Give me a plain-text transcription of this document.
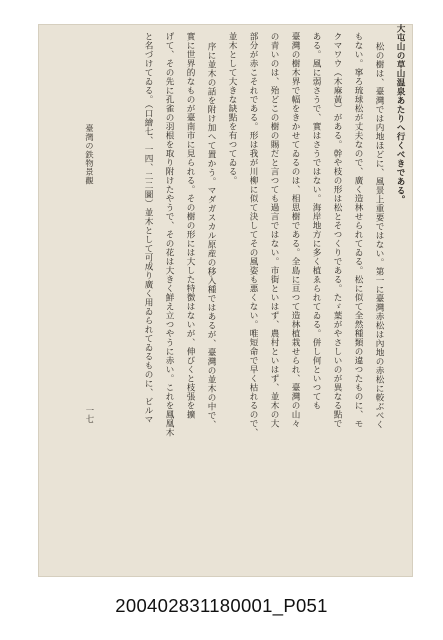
大屯山の草山温泉あたりへ行くべきである。
松の樹は、臺灣では内地ほどに、風景上重要ではない。第一に臺灣赤松は內地の赤松に較ぶべく
もない。寧ろ琉球松が丈夫なので、廣く造林せられてゐる。松に似て全然種類の違つたものに、モ
クマワウ（木麻黃）がある。幹や枝の形は松とそつくりである。たゞ葉がやさしいのが異なる點で
ある。風に弱さうで、實はさうではない。海岸地方に多く植ゑられてゐる。併し何といつても
臺灣の樹木界で幅をきかせてゐるのは、相思樹である。全島に亘つて造林植栽せられ、臺灣の山々
の青いのは、殆どこの樹の賜だと言つても過言ではない。市街といはず、農村といはず、並木の大
部分が赤こそれである。形は我が川柳に似て決してその風姿も悪くない。唯短命で早く枯れるので、
並木として大きな缺點を有つてゐる。
序に並木の話を附け加へて置かう。マダガスカル原産の移入種ではあるが、臺灣の並木の中で、
實に世界的なものが臺南市に見られる。その樹の形には大した特徴はないが、伸びくと枝張を擴
げて、その先に孔雀の羽根を取り附けたやうで、その花は大きく鮮え立つやうに赤い。これを鳳凰木
と名づけてゐる。（口繪七、一四、二二圖）並木として可成り廣く用ゐられてゐるものに、ビルマ
臺灣の鉄物景觀
一七
200402831180001_P051
